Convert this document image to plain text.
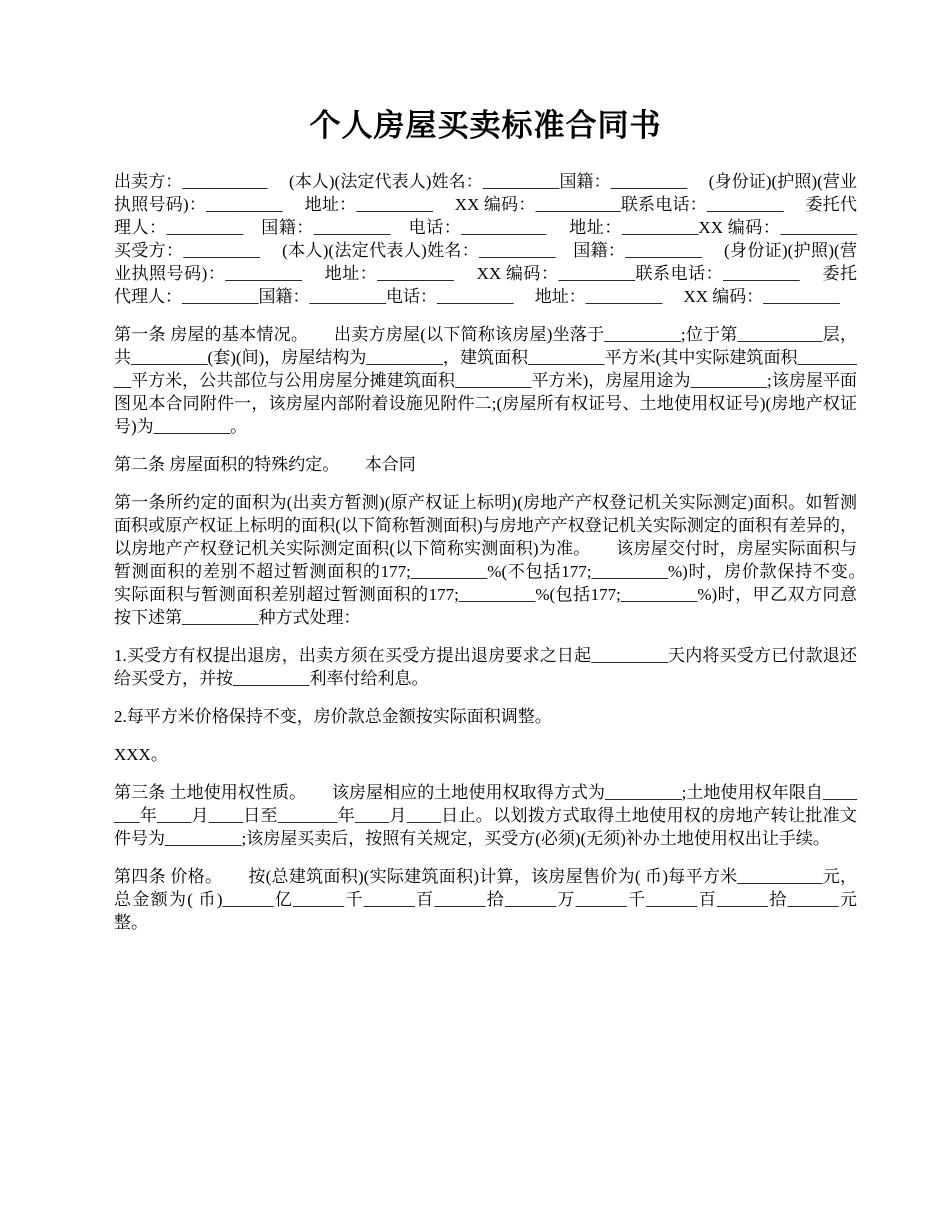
个人房屋买卖标准合同书

出卖方：__________　 (本人)(法定代表人)姓名：_________国籍：_________　 (身份证)(护照)(营业执照号码)：_________　 地址：_________　 XX 编码：__________联系电话：_________　 委托代理人：_________　国籍：_________　电话：__________　 地址：_________XX 编码：_________　 买受方：_________　 (本人)(法定代表人)姓名：_________　国籍：_________　 (身份证)(护照)(营业执照号码)：_________　 地址：_________　 XX 编码：_________联系电话：_________　 委托代理人：_________国籍：_________电话：_________　 地址：_________　 XX 编码：_________

第一条 房屋的基本情况。　　出卖方房屋(以下简称该房屋)坐落于_________;位于第__________层，共_________(套)(间)，房屋结构为_________，建筑面积_________平方米(其中实际建筑面积_________平方米，公共部位与公用房屋分摊建筑面积_________平方米)，房屋用途为_________;该房屋平面图见本合同附件一，该房屋内部附着设施见附件二;(房屋所有权证号、土地使用权证号)(房地产权证号)为_________。

第二条 房屋面积的特殊约定。　　本合同

第一条所约定的面积为(出卖方暂测)(原产权证上标明)(房地产产权登记机关实际测定)面积。如暂测面积或原产权证上标明的面积(以下简称暂测面积)与房地产产权登记机关实际测定的面积有差异的，以房地产产权登记机关实际测定面积(以下简称实测面积)为准。　　该房屋交付时，房屋实际面积与暂测面积的差别不超过暂测面积的177;_________%(不包括177;_________%)时，房价款保持不变。　　实际面积与暂测面积差别超过暂测面积的177;_________%(包括177;_________%)时，甲乙双方同意按下述第_________种方式处理：

1.买受方有权提出退房，出卖方须在买受方提出退房要求之日起_________天内将买受方已付款退还给买受方，并按_________利率付给利息。

2.每平方米价格保持不变，房价款总金额按实际面积调整。

XXX。

第三条 土地使用权性质。　　该房屋相应的土地使用权取得方式为_________;土地使用权年限自_______年____月____日至_______年____月____日止。以划拨方式取得土地使用权的房地产转让批准文件号为_________;该房屋买卖后，按照有关规定，买受方(必须)(无须)补办土地使用权出让手续。

第四条 价格。　　按(总建筑面积)(实际建筑面积)计算，该房屋售价为( 币)每平方米__________元，总金额为( 币)______亿______千______百______拾______万______千______百______拾______元整。
